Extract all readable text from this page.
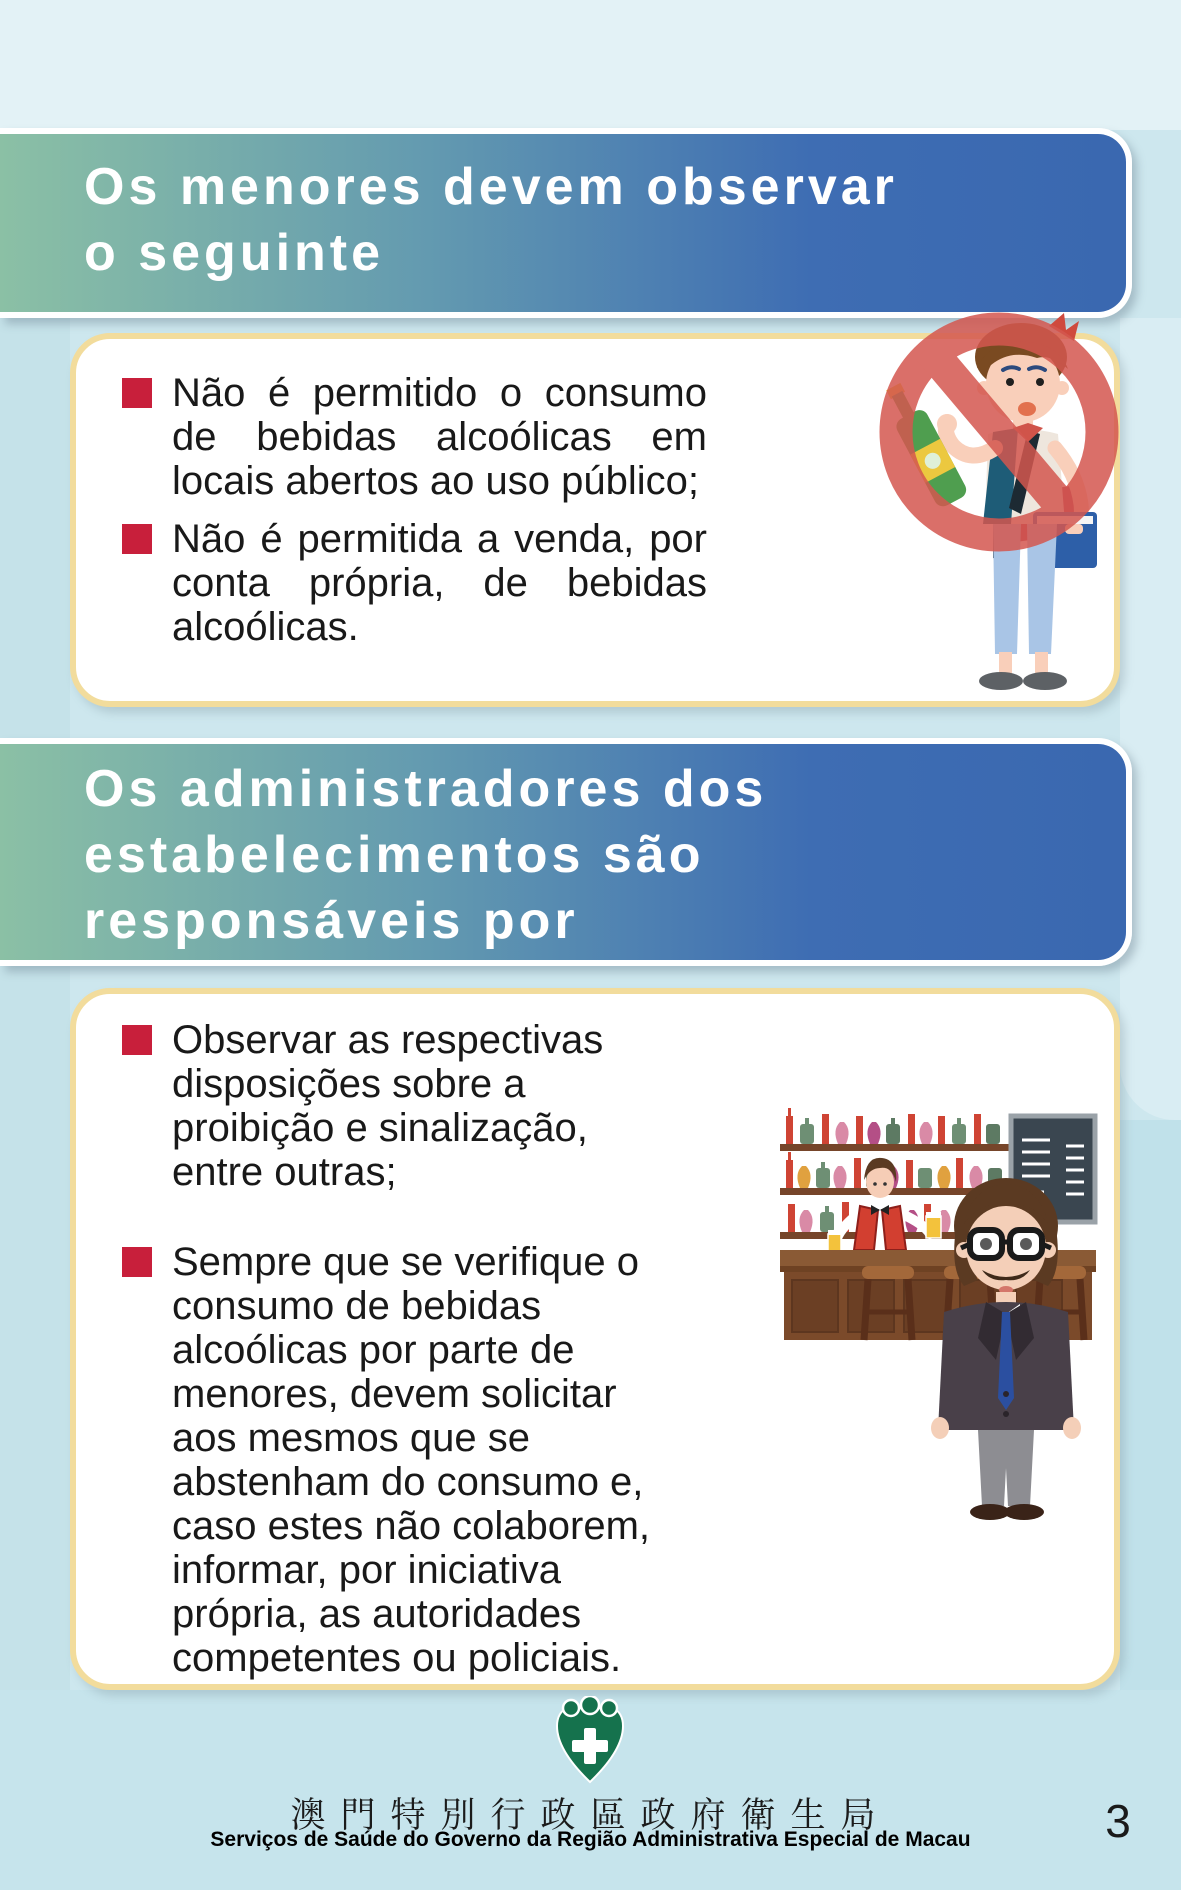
Os menores devem observar
o seguinte

Não é permitido o consumo de bebidas alcoólicas em locais abertos ao uso público;

Não é permitida a venda, por conta própria, de bebidas alcoólicas.

Os administradores dos
estabelecimentos são
responsáveis por

Observar as respectivas disposições sobre a proibição e sinalização, entre outras;

Sempre que se verifique o consumo de bebidas alcoólicas por parte de menores, devem solicitar aos mesmos que se abstenham do consumo e, caso estes não colaborem, informar, por iniciativa própria, as autoridades competentes ou policiais.

澳門特別行政區政府衛生局
Serviços de Saúde do Governo da Região Administrativa Especial de Macau	3
